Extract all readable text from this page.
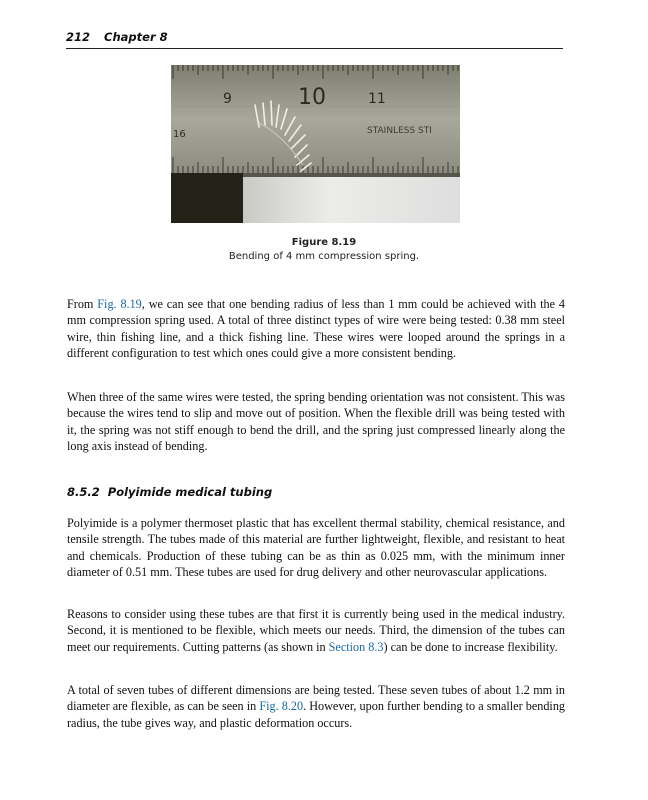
212 Chapter 8
9	10	11
16	STAINLESS STI
Figure 8.19
Bending of 4 mm compression spring.

From Fig. 8.19, we can see that one bending radius of less than 1 mm could be achieved with the 4 mm compression spring used. A total of three distinct types of wire were being tested: 0.38 mm steel wire, thin fishing line, and a thick fishing line. These wires were looped around the springs in a different configuration to test which ones could give a more consistent bending.

When three of the same wires were tested, the spring bending orientation was not consistent. This was because the wires tend to slip and move out of position. When the flexible drill was being tested with it, the spring was not stiff enough to bend the drill, and the spring just compressed linearly along the long axis instead of bending.

8.5.2 Polyimide medical tubing

Polyimide is a polymer thermoset plastic that has excellent thermal stability, chemical resistance, and tensile strength. The tubes made of this material are further lightweight, flexible, and resistant to heat and chemicals. Production of these tubing can be as thin as 0.025 mm, with the minimum inner diameter of 0.51 mm. These tubes are used for drug delivery and other neurovascular applications.

Reasons to consider using these tubes are that first it is currently being used in the medical industry. Second, it is mentioned to be flexible, which meets our needs. Third, the dimension of the tubes can meet our requirements. Cutting patterns (as shown in Section 8.3) can be done to increase flexibility.

A total of seven tubes of different dimensions are being tested. These seven tubes of about 1.2 mm in diameter are flexible, as can be seen in Fig. 8.20. However, upon further bending to a smaller bending radius, the tube gives way, and plastic deformation occurs.
